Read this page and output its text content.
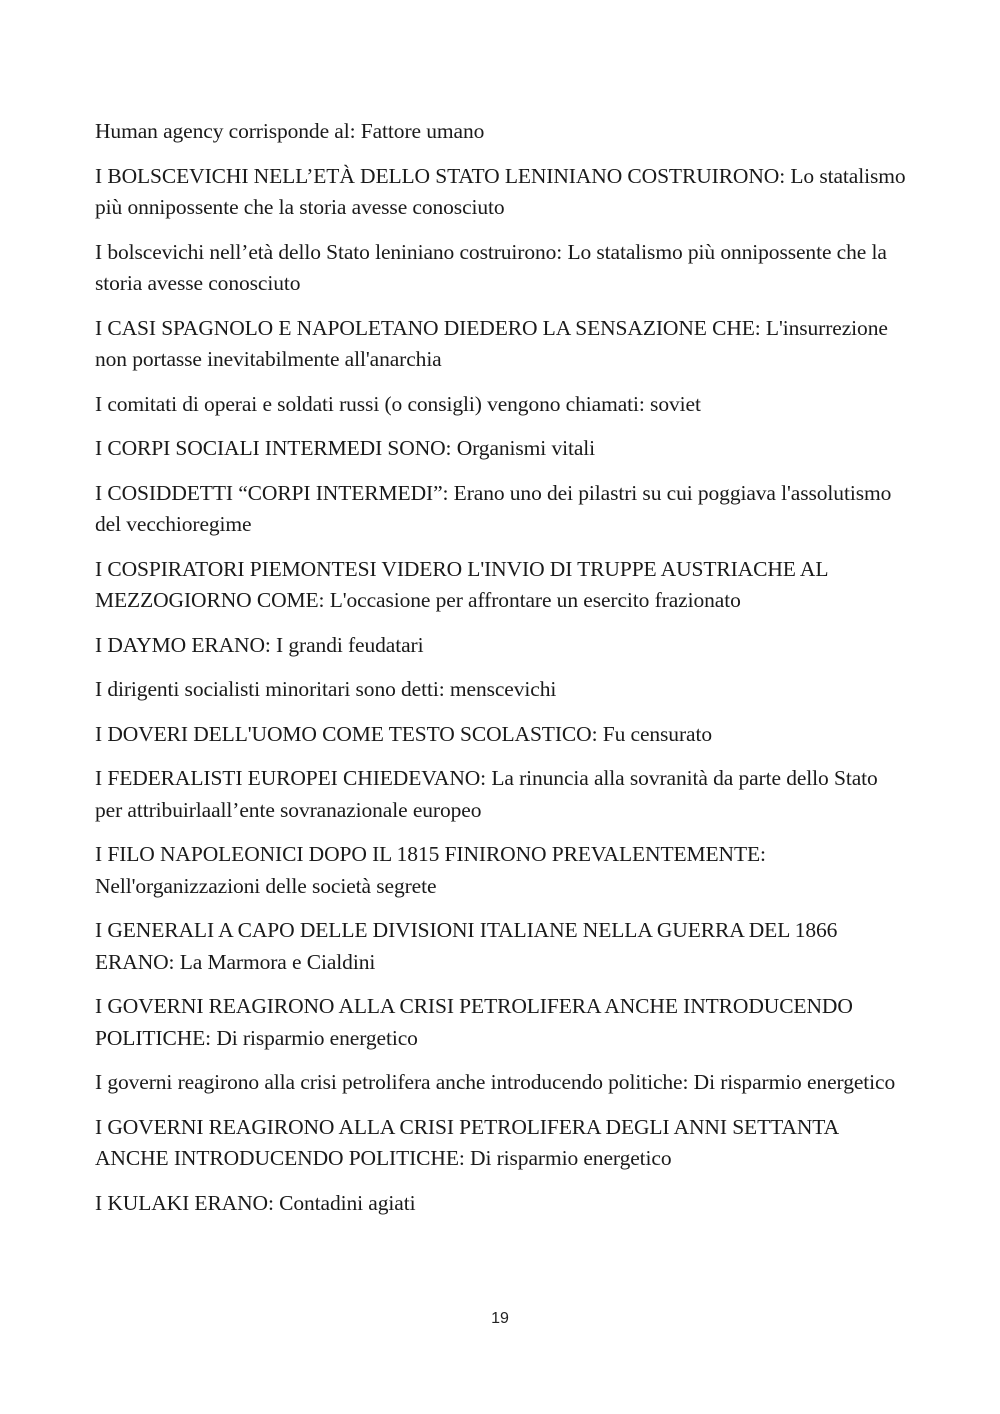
Human agency corrisponde al: Fattore umano

I BOLSCEVICHI NELL’ETÀ DELLO STATO LENINIANO COSTRUIRONO: Lo statalismo più onnipossente che la storia avesse conosciuto

I bolscevichi nell’età dello Stato leniniano costruirono: Lo statalismo più onnipossente che la storia avesse conosciuto

I CASI SPAGNOLO E NAPOLETANO DIEDERO LA SENSAZIONE CHE: L'insurrezione non portasse inevitabilmente all'anarchia

I comitati di operai e soldati russi (o consigli) vengono chiamati: soviet

I CORPI SOCIALI INTERMEDI SONO: Organismi vitali

I COSIDDETTI “CORPI INTERMEDI”: Erano uno dei pilastri su cui poggiava l'assolutismo del vecchioregime

I COSPIRATORI PIEMONTESI VIDERO L'INVIO DI TRUPPE AUSTRIACHE AL MEZZOGIORNO COME: L'occasione per affrontare un esercito frazionato

I DAYMO ERANO: I grandi feudatari

I dirigenti socialisti minoritari sono detti: menscevichi

I DOVERI DELL'UOMO COME TESTO SCOLASTICO: Fu censurato

I FEDERALISTI EUROPEI CHIEDEVANO: La rinuncia alla sovranità da parte dello Stato per attribuirlaall’ente sovranazionale europeo

I FILO NAPOLEONICI DOPO IL 1815 FINIRONO PREVALENTEMENTE: Nell'organizzazioni delle società segrete

I GENERALI A CAPO DELLE DIVISIONI ITALIANE NELLA GUERRA DEL 1866 ERANO: La Marmora e Cialdini

I GOVERNI REAGIRONO ALLA CRISI PETROLIFERA ANCHE INTRODUCENDO POLITICHE: Di risparmio energetico

I governi reagirono alla crisi petrolifera anche introducendo politiche: Di risparmio energetico

I GOVERNI REAGIRONO ALLA CRISI PETROLIFERA DEGLI ANNI SETTANTA ANCHE INTRODUCENDO POLITICHE: Di risparmio energetico

I KULAKI ERANO: Contadini agiati

19
